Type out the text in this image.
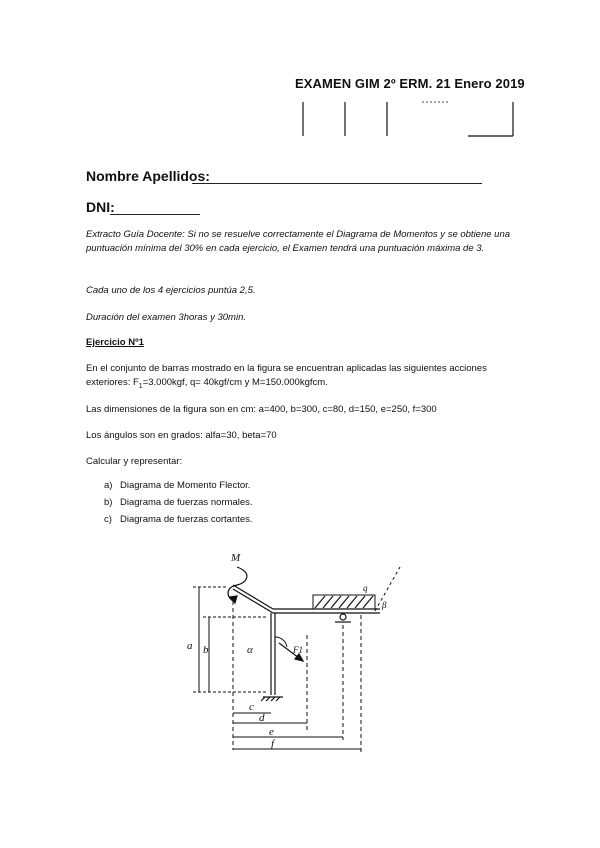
EXAMEN GIM 2º ERM. 21 Enero 2019
Nombre Apellidos:
DNI:
Extracto Guía Docente: Si no se resuelve correctamente el Diagrama de Momentos y se obtiene una puntuación mínima del 30% en cada ejercicio, el Examen tendrá una puntuación máxima de 3.
Cada uno de los 4 ejercicios puntúa 2,5.
Duración del examen 3horas y 30min.
Ejercicio Nº1
En el conjunto de barras mostrado en la figura se encuentran aplicadas las siguientes acciones
exteriores: $F_1=3.000kgf$, q= 40kgf/cm y M=150.000kgfcm.
Las dimensiones de la figura son en cm: a=400, b=300, c=80, d=150, e=250, f=300
Los ángulos son en grados: alfa=30, beta=70
Calcular y representar:
a) Diagrama de Momento Flector.
b) Diagrama de fuerzas normales.
c) Diagrama de fuerzas cortantes.
M
q
β
α	F1
a b
c
d
e
f
